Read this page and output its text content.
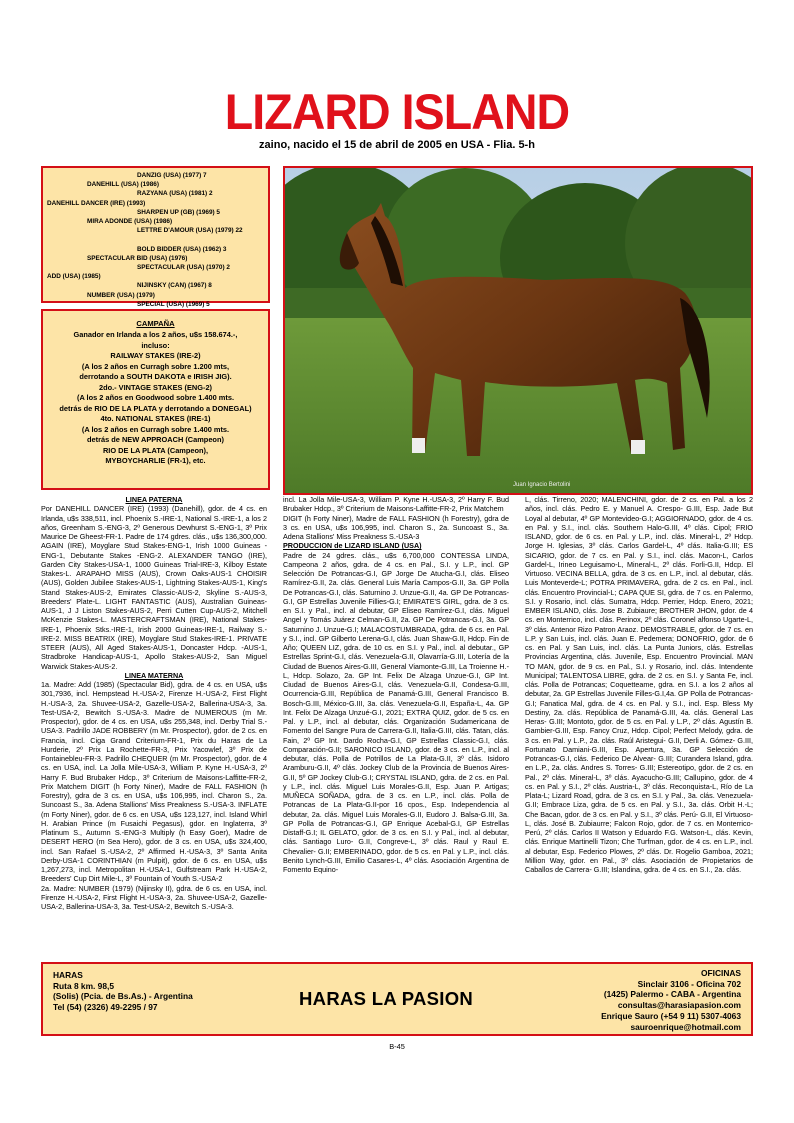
LIZARD ISLAND
zaino, nacido el 15 de abril de 2005 en USA - Flia. 5-h
DANZIG (USA) (1977) 7
DANEHILL (USA) (1986)
RAZYANA (USA) (1981) 2
DANEHILL DANCER (IRE) (1993)
SHARPEN UP (GB) (1969) 5
MIRA ADONDE (USA) (1986)
LETTRE D'AMOUR (USA) (1979) 22

BOLD BIDDER (USA) (1962) 3
SPECTACULAR BID (USA) (1976)
SPECTACULAR (USA) (1970) 2
ADD (USA) (1985)
NIJINSKY (CAN) (1967) 8
NUMBER (USA) (1979)
SPECIAL (USA) (1969) 5
CAMPAÑA
Ganador en Irlanda a los 2 años, u$s 158.674.-,
incluso:
RAILWAY STAKES (IRE-2)
(A los 2 años en Curragh sobre 1.200 mts,
derrotando a SOUTH DAKOTA e IRISH JIG).
2do.- VINTAGE STAKES (ENG-2)
(A los 2 años en Goodwood sobre 1.400 mts.
detrás de RIO DE LA PLATA y derrotando a DONEGAL)
4to. NATIONAL STAKES (IRE-1)
(A los 2 años en Curragh sobre 1.400 mts.
detrás de NEW APPROACH (Campeon)
RIO DE LA PLATA (Campeon),
MYBOYCHARLIE (FR-1), etc.
Juan Ignacio Bertolini
LINEA PATERNA
Por DANEHILL DANCER (IRE) (1993) (Danehill), gdor. de 4 cs. en Irlanda, u$s 338,511, incl. Phoenix S.-IRE-1, National S.-IRE-1, a los 2 años, Greenham S.-ENG-3, 2º Generous Dewhurst S.-ENG-1, 3º Prix Maurice De Gheest-FR-1. Padre de 174 gdres. clás., u$s 136,300,000. AGAIN (IRE), Moyglare Stud Stakes-ENG-1, Irish 1000 Guineas -ENG-1, Debutante Stakes -ENG-2. ALEXANDER TANGO (IRE), Garden City Stakes-USA-1, 1000 Guineas Trial-IRE-3, Kilboy Estate Stakes-L. ARAPAHO MISS (AUS), Crown Oaks-AUS-1 CHOISIR (AUS), Golden Jubilee Stakes-AUS-1, Lightning Stakes-AUS-1, King's Stand Stakes-AUS-2, Emirates Classic-AUS-2, Skyline S.-AUS-3, Breeders' Plate-L. LIGHT FANTASTIC (AUS), Australian Guineas-AUS-1, J J Liston Stakes-AUS-2, Perri Cutten Cup-AUS-2, Mitchell McKenzie Stakes-L. MASTERCRAFTSMAN (IRE), National Stakes-IRE-1, Phoenix Stks.-IRE-1, Irish 2000 Guineas-IRE-1, Railway S.-IRE-2. MISS BEATRIX (IRE), Moyglare Stud Stakes-IRE-1. PRIVATE STEER (AUS), All Aged Stakes-AUS-1, Doncaster Hdcp. -AUS-1, Stradbroke Handicap-AUS-1, Apollo Stakes-AUS-2, San Miguel Warwick Stakes-AUS-2.
LINEA MATERNA
1a. Madre: Add (1985) (Spectacular Bid), gdra. de 4 cs. en USA, u$s 301,7936, incl. Hempstead H.-USA-2, Firenze H.-USA-2, First Flight H.-USA-3, 2a. Shuvee-USA-2, Gazelle-USA-2, Ballerina-USA-3, 3a. Test-USA-2, Bewitch S.-USA-3. Madre de NUMEROUS (m Mr. Prospector), gdor. de 4 cs. en USA, u$s 255,348, incl. Derby Trial S.-USA-3. Padrillo JADE ROBBERY (m Mr. Prospector), gdor. de 2 cs. en Francia, incl. Ciga Grand Criterium-FR-1, Prix du Haras de La Hurderie, 2º Prix La Rochette-FR-3, Prix Yacowlef, 3º Prix de Fontainebleu-FR-3. Padrillo CHEQUER (m Mr. Prospector), gdor. de 4 cs. en USA, incl. La Jolla Mile-USA-3, William P. Kyne H.-USA-3, 2º Harry F. Bud Brubaker Hdcp., 3º Criterium de Maisons-Laffitte-FR-2, Prix Matchem DIGIT (h Forty Niner), Madre de FALL FASHION (h Forestry), gdra de 3 cs. en USA, u$s 106,995, incl. Charon S., 2a. Suncoast S., 3a. Adena Stallions' Miss Preakness S.-USA-3. INFLATE (m Forty Niner), gdor. de 6 cs. en USA, u$s 123,127, incl. Island Whirl H. Arabian Prince (m Fusaichi Pegasus), gdor. en Inglaterra, 3º Platinum S., Autumn S.-ENG-3 Multiply (h Easy Goer), Madre de DESERT HERO (m Sea Hero), gdor. de 3 cs. en USA, u$s 324,400, incl. San Rafael S.-USA-2, 2º Affirmed H.-USA-3, 3º Santa Anita Derby-USA-1 CORINTHIAN (m Pulpit), gdor. de 6 cs. en USA, u$s 1,267,273, incl. Metropolitan H.-USA-1, Gulfstream Park H.-USA-2, Breeders' Cup Dirt Mile-L, 3º Fountain of Youth S.-USA-2
2a. Madre: NUMBER (1979) (Nijinsky II), gdra. de 6 cs. en USA, incl. Firenze H.-USA-2, First Flight H.-USA-3, 2a. Shuvee-USA-2, Gazelle-USA-2, Ballerina-USA-3, 3a. Test-USA-2, Bewitch S.-USA-3.
incl. La Jolla Mile-USA-3, William P. Kyne H.-USA-3, 2º Harry F. Bud Brubaker Hdcp., 3º Criterium de Maisons-Laffitte-FR-2, Prix Matchem
DIGIT (h Forty Niner), Madre de FALL FASHION (h Forestry), gdra de 3 cs. en USA, u$s 106,995, incl. Charon S., 2a. Suncoast S., 3a. Adena Stallions' Miss Preakness S.-USA-3
PRODUCCION de LIZARD ISLAND (USA)
Padre de 24 gdres. clás., u$s 6,700,000 CONTESSA LINDA, Campeona 2 años, gdra. de 4 cs. en Pal., S.I. y L.P., incl. GP Selección De Potrancas-G.I, GP Jorge De Atucha-G.I, clás. Eliseo Ramírez-G.II, 2a. clás. General Luis María Campos-G.II, 3a. GP Polla De Potrancas-G.I, clás. Saturnino J. Unzue-G.II, 4a. GP De Potrancas-G.I, GP Estrellas Juvenile Fillies-G.I; EMIRATE'S GIRL, gdra. de 3 cs. en S.I. y Pal., incl. al debutar, GP Eliseo Ramírez-G.I, clás. Miguel Angel y Tomás Juárez Celman-G.II, 2a. GP De Potrancas-G.I, 3a. GP Saturnino J. Unzue-G.I; MALACOSTUMBRADA, gdra. de 6 cs. en Pal. y S.I., incl. GP Gilberto Lerena-G.I, clás. Juan Shaw-G.II, Hdcp. Fin de Año; QUEEN LIZ, gdra. de 10 cs. en S.I. y Pal., incl. al debutar., GP Estrellas Sprint-G.I, clás. Venezuela-G.II, Olavarría-G.III, Lotería de la Ciudad de Buenos Aires-G.III, General Viamonte-G.III, La Troienne H.-L, Hdcp. Solazo, 2a. GP Int. Felix De Alzaga Unzue-G.I, GP Int. Ciudad de Buenos Aires-G.I, clás. Venezuela-G.II, Condesa-G.III, Ocurrencia-G.III, República de Panamá-G.III, General Francisco B. Bosch-G.III, México-G.III, 3a. clás. Venezuela-G.II, España-L, 4a. GP Int. Felix De Alzaga Unzué-G.I, 2021; EXTRA QUIZ, gdor. de 5 cs. en Pal. y L.P., incl. al debutar, clás. Organización Sudamericana de Fomento del Sangre Pura de Carrera-G.II, Italia-G.III, clás. Tatan, clás. Fain, 2º GP Int. Dardo Rocha-G.I, GP Estrellas Classic-G.I, clás. Comparación-G.II; SARONICO ISLAND, gdor. de 3 cs. en L.P., incl. al debutar, clás. Polla de Potrillos de La Plata-G.II, 3º clás. Isidoro Aramburu-G.II, 4º clás. Jockey Club de la Provincia de Buenos Aires-G.II, 5º GP Jockey Club-G.I; CRYSTAL ISLAND, gdra. de 2 cs. en Pal. y L.P., incl. clás. Miguel Luis Morales-G.II, Esp. Juan P. Artigas; MUÑECA SOÑADA, gdra. de 3 cs. en L.P., incl. clás. Polla de Potrancas de La Plata-G.II-por 16 cpos., Esp. Independencia al debutar, 2a. clás. Miguel Luis Morales-G.II, Eudoro J. Balsa-G.III, 3a. GP Polla de Potrancas-G.I, GP Enrique Acebal-G.I, GP Estrellas Distaff-G.I; IL GELATO, gdor. de 3 cs. en S.I. y Pal., incl. al debutar, clás. Santiago Luro- G.II, Congreve-L, 3º clás. Raul y Raul E. Chevalier- G.II; EMBERINADO, gdor. de 5 cs. en Pal. y L.P., incl. clás. Benito Lynch-G.III, Emilio Casares-L, 4º clás. Asociación Argentina de Fomento Equino-
L, clás. Tirreno, 2020; MALENCHINI, gdor. de 2 cs. en Pal. a los 2 años, incl. clás. Pedro E. y Manuel A. Crespo- G.III, Esp. Jade But Loyal al debutar, 4º GP Montevideo-G.I; AGGIORNADO, gdor. de 4 cs. en Pal. y S.I., incl. clás. Southern Halo-G.III, 4º clás. Cipol; FRIO ISLAND, gdor. de 6 cs. en Pal. y L.P., incl. clás. Mineral-L, 2º Hdcp. Jorge H. Iglesias, 3º clás. Carlos Gardel-L, 4º clás. Italia-G.III; ES SICARIO, gdor. de 7 cs. en Pal. y S.I., incl. clás. Macon-L, Carlos Gardel-L, Irineo Leguisamo-L, Mineral-L, 2º clás. Forli-G.II, Hdcp. El Virtuoso. VECINA BELLA, gdra. de 3 cs. en L.P., incl. al debutar, clás. Luis Monteverde-L; POTRA PRIMAVERA, gdra. de 2 cs. en Pal., incl. clás. Encuentro Provincial-L; CAPA QUE SI, gdra. de 7 cs. en Palermo, S.I. y Rosario, incl. clás. Sumatra, Hdcp. Perrier, Hdcp. Enero, 2021; EMBER ISLAND, clás. Jose B. Zubiaure; BROTHER JHON, gdor. de 4 cs. en Monterrico, incl. clás. Perinox, 2º clás. Coronel alfonso Ugarte-L, 3º clás. Antenor Rizo Patron Araoz. DEMOSTRABLE, gdor. de 7 cs. en L.P. y San Luis, incl. clás. Juan E. Pedemera; DONOFRIO, gdor. de 6 cs. en Pal. y San Luis, incl. clás. La Punta Juniors, clás. Estrellas Provincias Argentina, clás. Juvenile, Esp. Encuentro Provincial. MAN TO MAN, gdor. de 9 cs. en Pal., S.I. y Rosario, incl. clás. Intendente Municipal; TALENTOSA LIBRE, gdra. de 2 cs. en S.I. y Santa Fe, incl. clás. Polla de Potrancas; Coquetteame, gdra. en S.I. a los 2 años al debutar, 2a. GP Estrellas Juvenile Filles-G.I,4a. GP Polla de Potrancas-G.I; Fanatica Mal, gdra. de 4 cs. en Pal. y S.I., incl. Esp. Bless My Destiny, 2a. clás. República de Panamá-G.III, 4a. clás. General Las Heras- G.III; Montoto, gdor. de 5 cs. en Pal. y L.P., 2º clás. Agustín B. Gambier-G.III, Esp. Fancy Cruz, Hdcp. Cipol; Perfect Melody, gdra. de 3 cs. en Pal. y L.P., 2a. clás. Raúl Aristegui- G.II, Derli A. Gómez- G.III, Fortunato Damiani-G.III, Esp. Apertura, 3a. GP Selección de Potrancas-G.I, clás. Federico De Alvear- G.III; Curandera Island, gdra. en L.P., 2a. clás. Andres S. Torres- G.III; Estereotipo, gdor. de 2 cs. en Pal., 2º clás. Mineral-L, 3º clás. Ayacucho-G.III; Callupino, gdor. de 4 cs. en Pal. y S.I., 2º clás. Austria-L, 3º clás. Reconquista-L, Río de La Plata-L; Lizard Road, gdra. de 3 cs. en S.I. y Pal., 3a. clás. Venezuela-G.II; Embrace Liza, gdra. de 5 cs. en Pal. y S.I., 3a. clás. Orbit H.-L; Che Bacan, gdor. de 3 cs. en Pal. y S.I., 3º clás. Perú- G.II, El Virtuoso-L, clás. José B. Zubiaurre; Falcon Rojo, gdor. de 7 cs. en Monterrico-Perú, 2º clás. Carlos II Watson y Eduardo F.G. Watson-L, clás. Kevin, clás. Enrique Martinelli Tizon; Che Turfman, gdor. de 4 cs. en L.P., incl. al debutar, Esp. Federico Plowes, 2º clás. Dr. Rogelio Gamboa, 2021; Million Way, gdor. en Pal., 3º clás. Asociación de Propietarios de Caballos de Carrera- G.III; Islandina, gdra. de 4 cs. en S.I., 2a. clás.
HARAS
Ruta 8 km. 98,5
(Solis) (Pcia. de Bs.As.) - Argentina
Tel (54) (2326) 49-2295 / 97	HARAS LA PASION
OFICINAS
Sinclair 3106 - Oficina 702
(1425) Palermo - CABA - Argentina
consultas@harasiapasion.com
Enrique Sauro (+54 9 11) 5307-4063
sauroenrique@hotmail.com
B-45
